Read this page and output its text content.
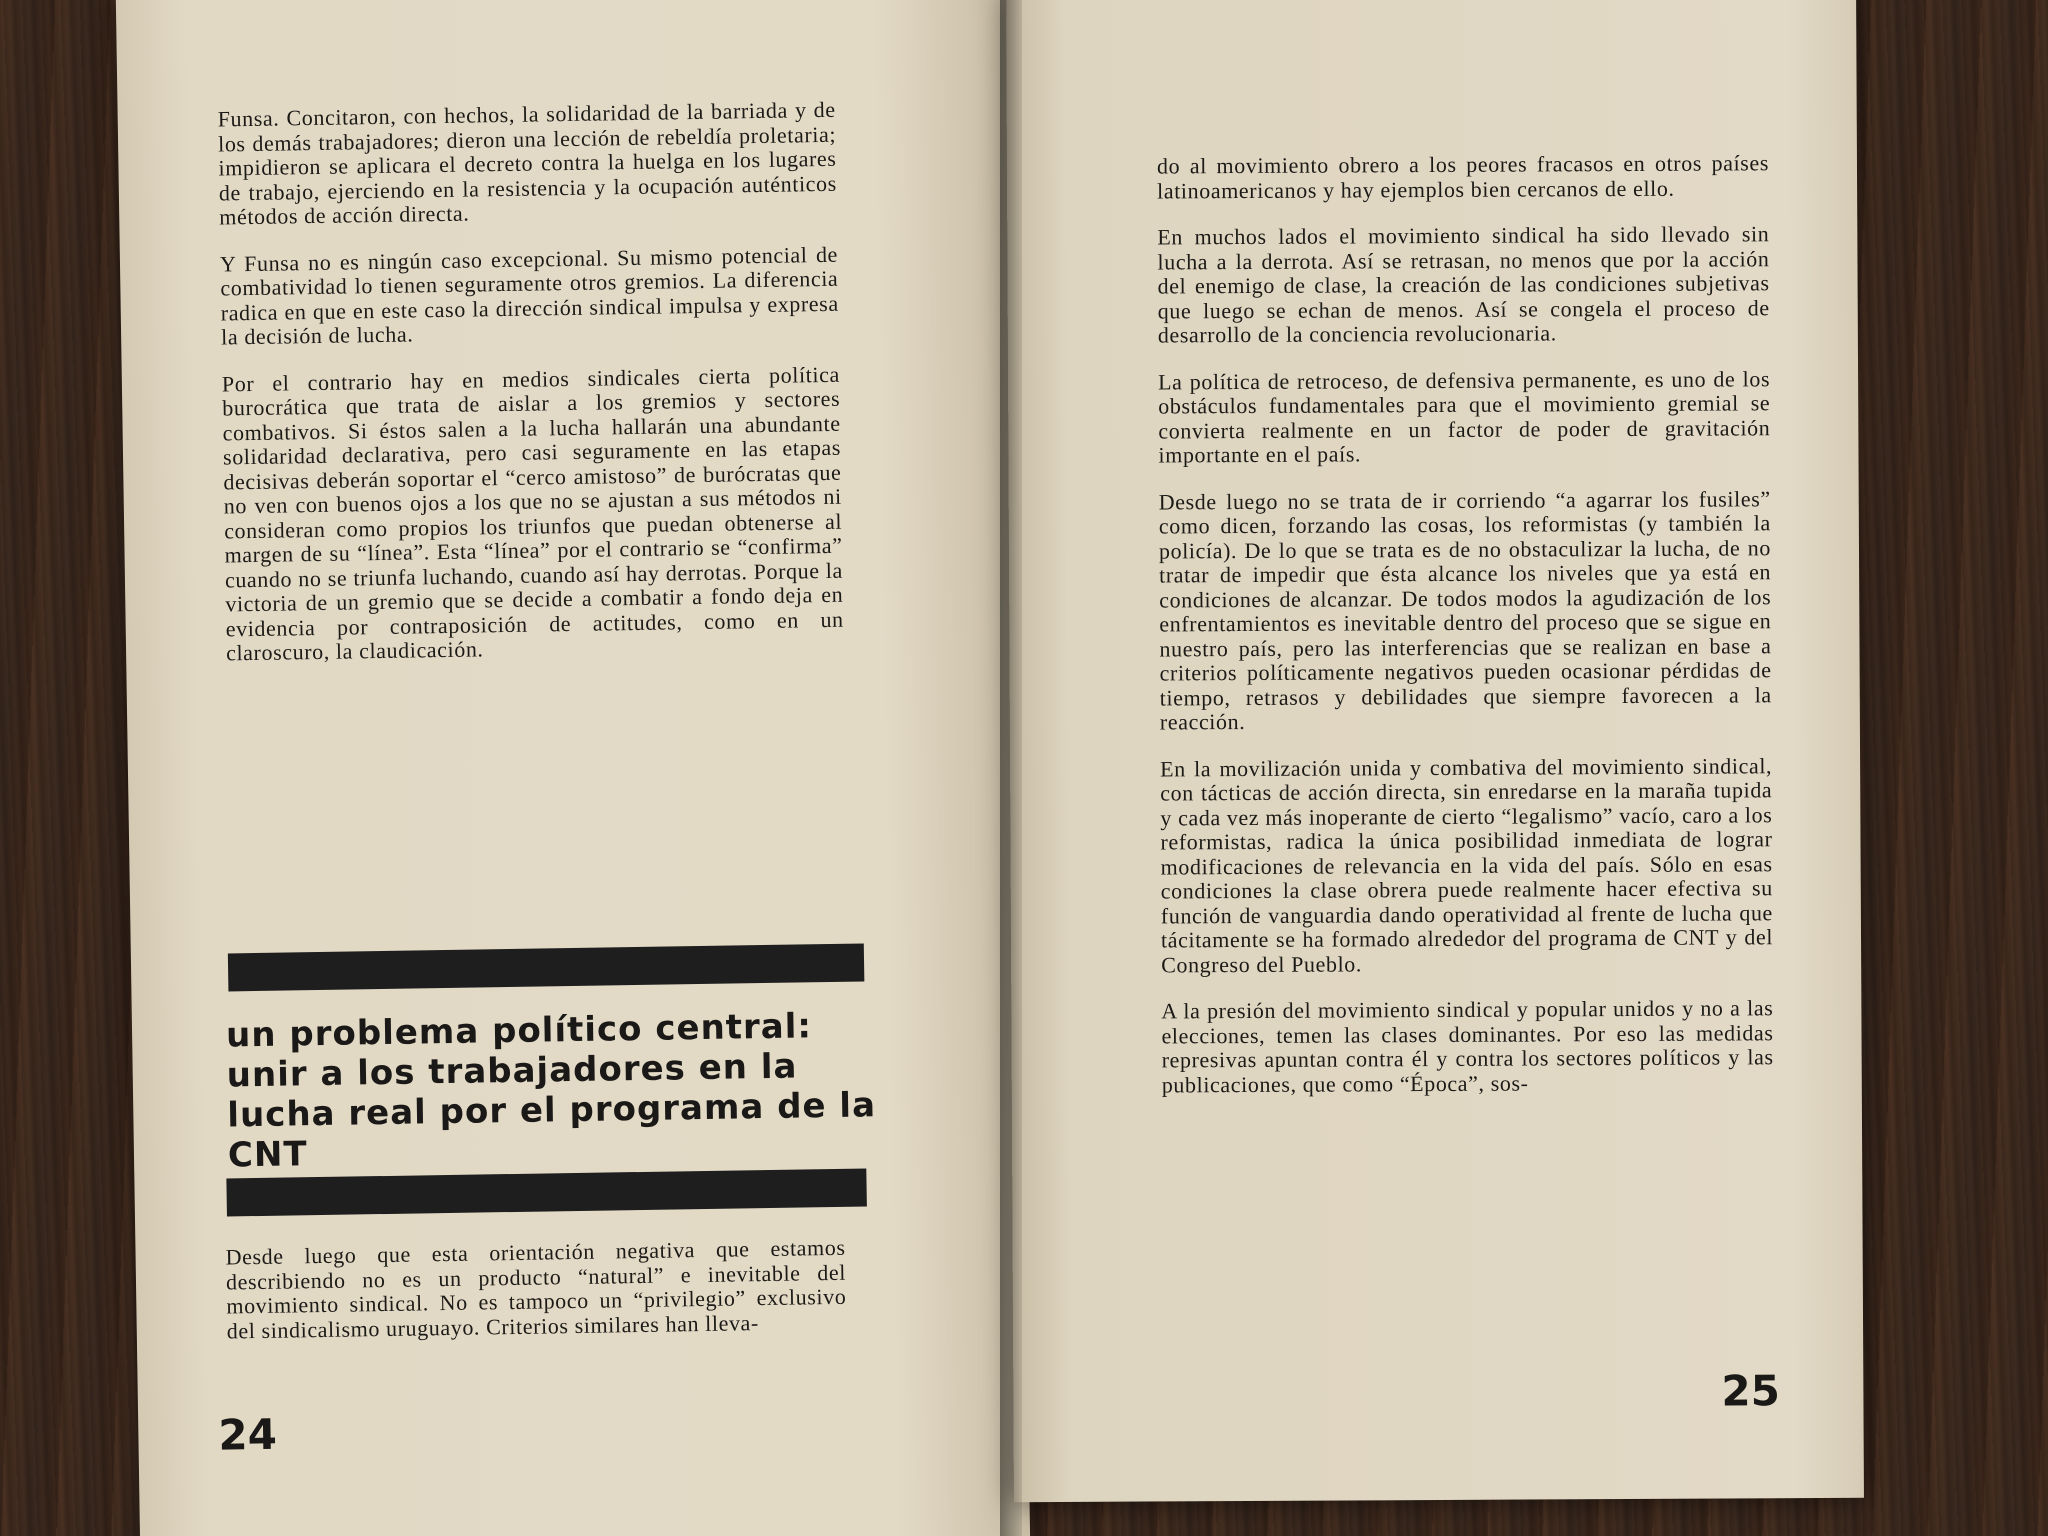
Funsa. Concitaron, con hechos, la solidaridad de la barriada y de los demás trabajadores; dieron una lección de rebeldía proletaria; impidieron se aplicara el decreto contra la huelga en los lugares de trabajo, ejerciendo en la resistencia y la ocupación auténticos métodos de acción directa.

Y Funsa no es ningún caso excepcional. Su mismo potencial de combatividad lo tienen seguramente otros gremios. La diferencia radica en que en este caso la dirección sindical impulsa y expresa la decisión de lucha.

Por el contrario hay en medios sindicales cierta política burocrática que trata de aislar a los gremios y sectores combativos. Si éstos salen a la lucha hallarán una abundante solidaridad declarativa, pero casi seguramente en las etapas decisivas deberán soportar el “cerco amistoso” de burócratas que no ven con buenos ojos a los que no se ajustan a sus métodos ni consideran como propios los triunfos que puedan obtenerse al margen de su “línea”. Esta “línea” por el contrario se “confirma” cuando no se triunfa luchando, cuando así hay derrotas. Porque la victoria de un gremio que se decide a combatir a fondo deja en evidencia por contraposición de actitudes, como en un claroscuro, la claudicación.

un problema político central: unir a los trabajadores en la lucha real por el programa de la CNT

Desde luego que esta orientación negativa que estamos describiendo no es un producto “natural” e inevitable del movimiento sindical. No es tampoco un “privilegio” exclusivo del sindicalismo uruguayo. Criterios similares han lleva-

24

do al movimiento obrero a los peores fracasos en otros países latinoamericanos y hay ejemplos bien cercanos de ello.

En muchos lados el movimiento sindical ha sido llevado sin lucha a la derrota. Así se retrasan, no menos que por la acción del enemigo de clase, la creación de las condiciones subjetivas que luego se echan de menos. Así se congela el proceso de desarrollo de la conciencia revolucionaria.

La política de retroceso, de defensiva permanente, es uno de los obstáculos fundamentales para que el movimiento gremial se convierta realmente en un factor de poder de gravitación importante en el país.

Desde luego no se trata de ir corriendo “a agarrar los fusiles” como dicen, forzando las cosas, los reformistas (y también la policía). De lo que se trata es de no obstaculizar la lucha, de no tratar de impedir que ésta alcance los niveles que ya está en condiciones de alcanzar. De todos modos la agudización de los enfrentamientos es inevitable dentro del proceso que se sigue en nuestro país, pero las interferencias que se realizan en base a criterios políticamente negativos pueden ocasionar pérdidas de tiempo, retrasos y debilidades que siempre favorecen a la reacción.

En la movilización unida y combativa del movimiento sindical, con tácticas de acción directa, sin enredarse en la maraña tupida y cada vez más inoperante de cierto “legalismo” vacío, caro a los reformistas, radica la única posibilidad inmediata de lograr modificaciones de relevancia en la vida del país. Sólo en esas condiciones la clase obrera puede realmente hacer efectiva su función de vanguardia dando operatividad al frente de lucha que tácitamente se ha formado alrededor del programa de CNT y del Congreso del Pueblo.

A la presión del movimiento sindical y popular unidos y no a las elecciones, temen las clases dominantes. Por eso las medidas represivas apuntan contra él y contra los sectores políticos y las publicaciones, que como “Época”, sos-

25
